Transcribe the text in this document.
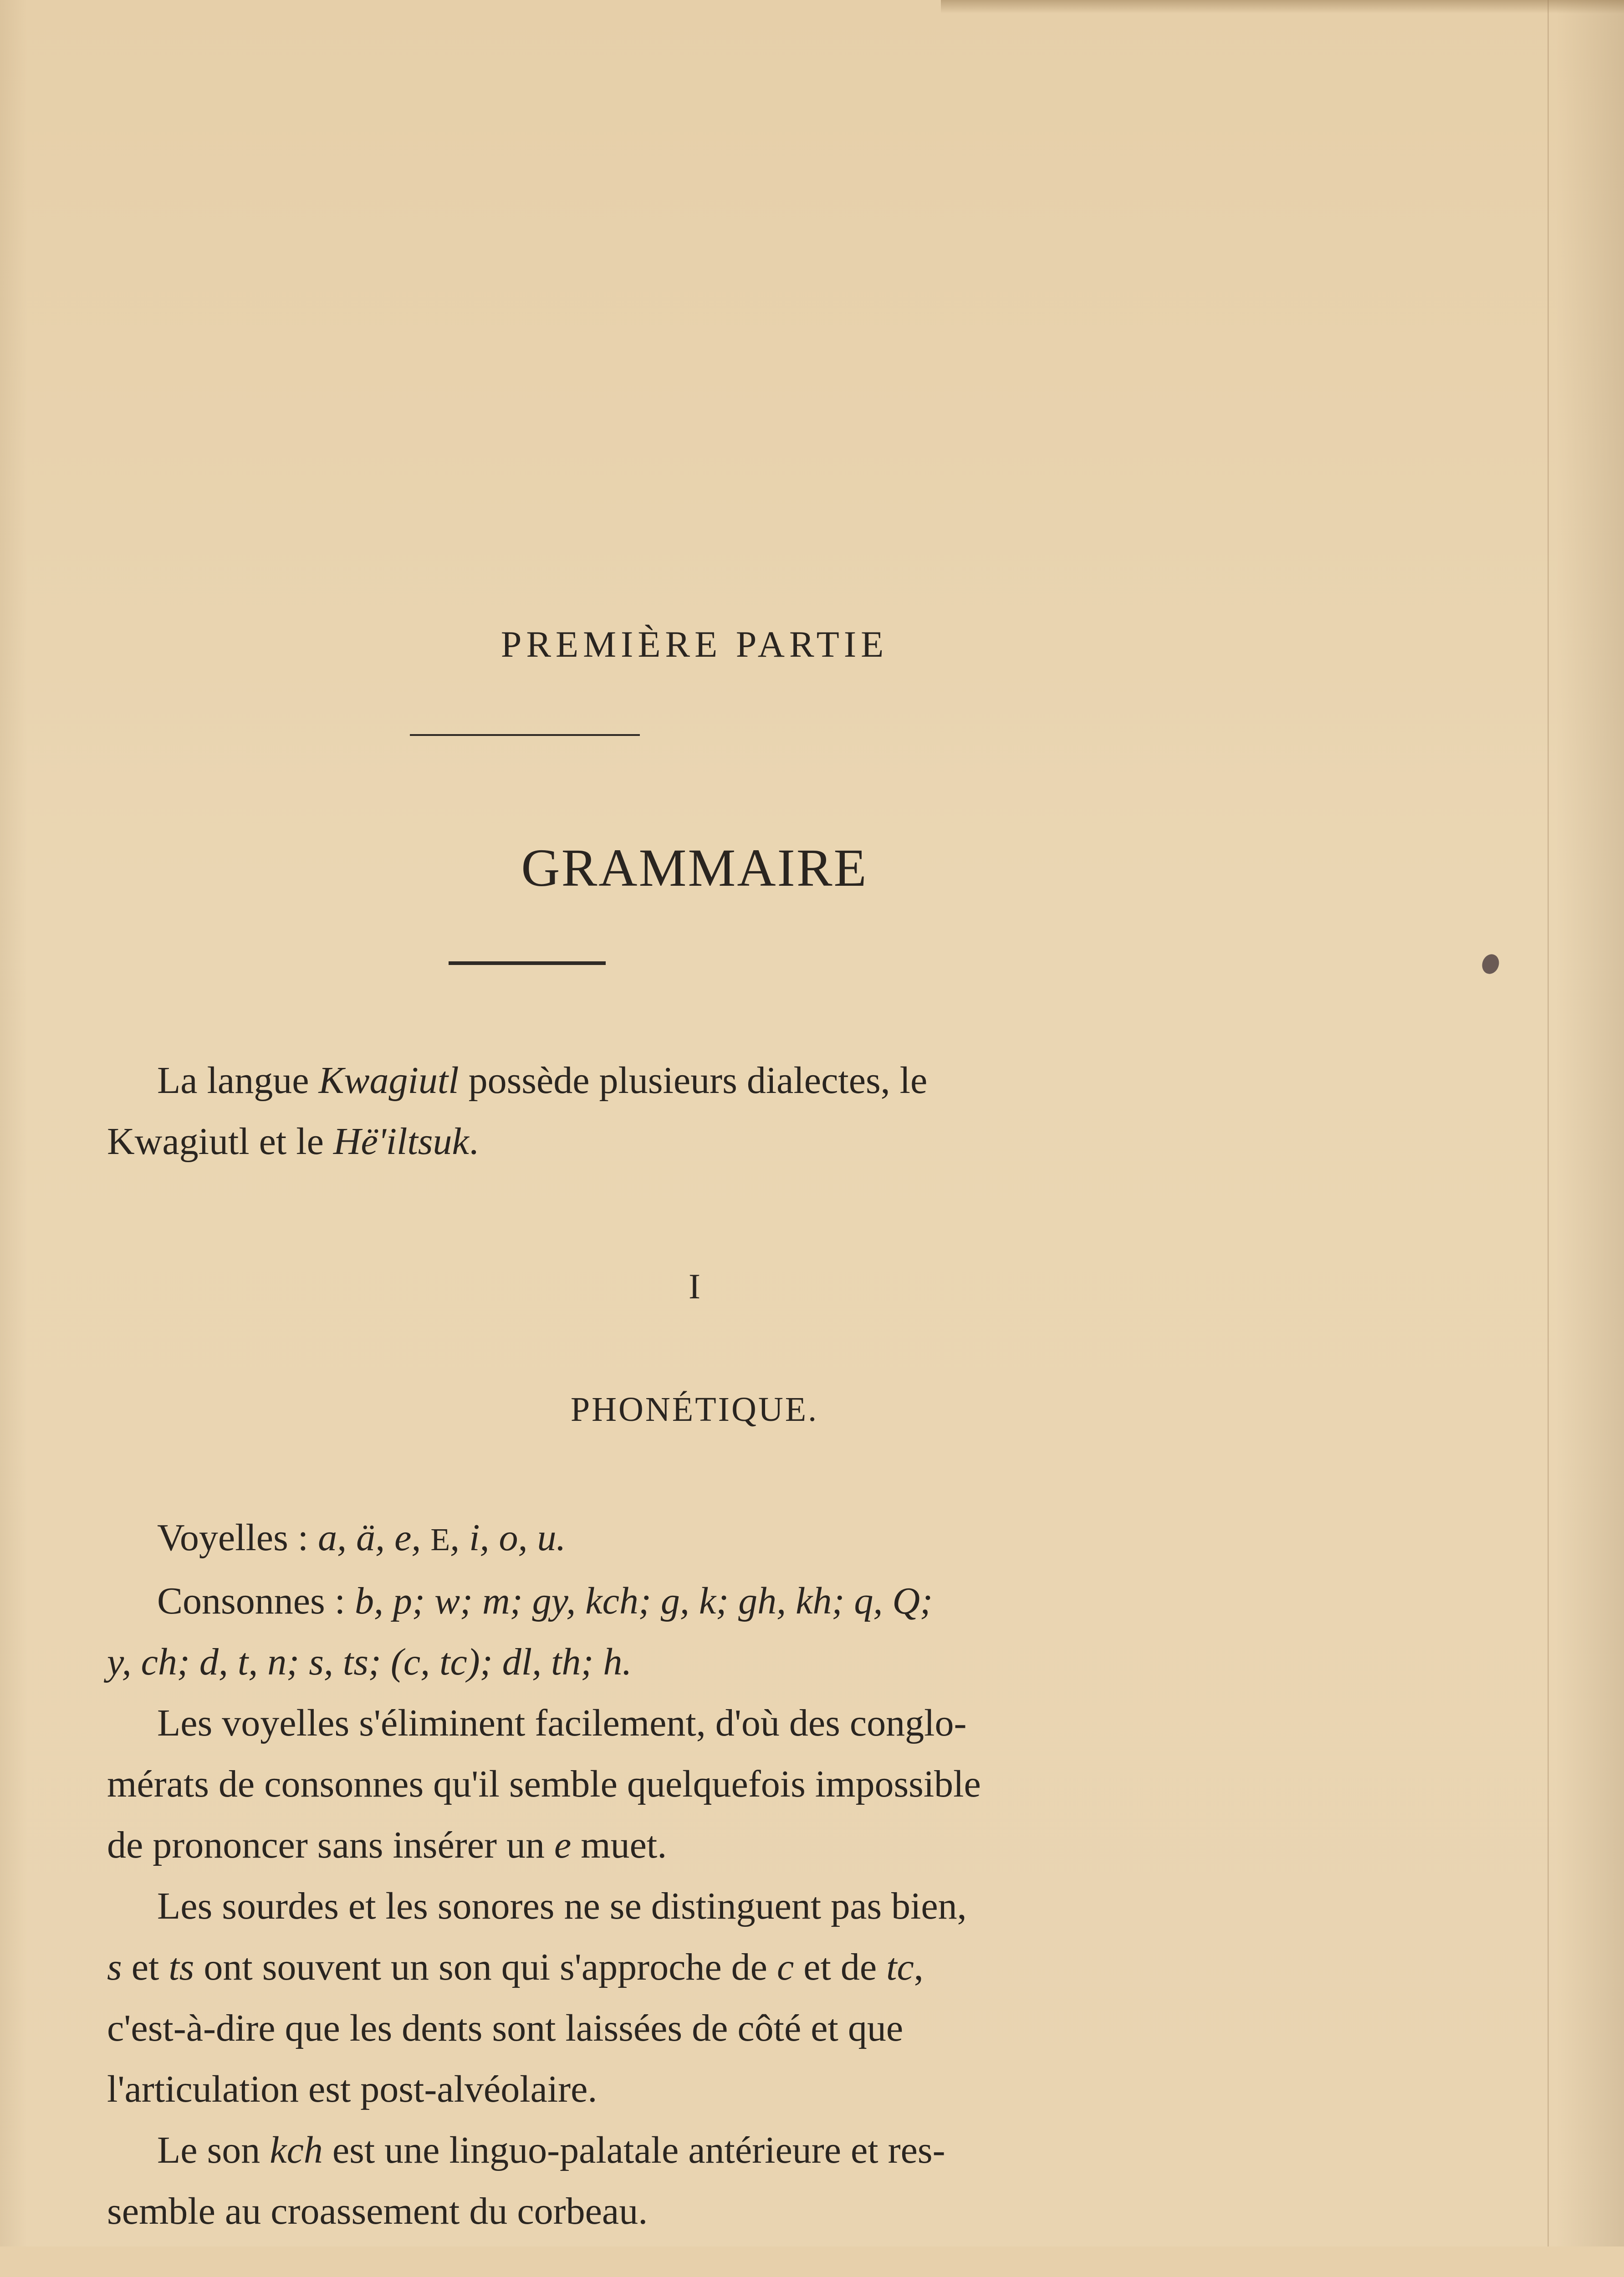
PREMIÈRE PARTIE
GRAMMAIRE
La langue Kwagiutl possède plusieurs dialectes, le
Kwagiutl et le Hë'iltsuk.
I
PHONÉTIQUE.
Voyelles : a, ä, e, E, i, o, u.
Consonnes : b, p; w; m; gy, kch; g, k; gh, kh; q, Q;
y, ch; d, t, n; s, ts; (c, tc); dl, th; h.
Les voyelles s'éliminent facilement, d'où des conglo-
mérats de consonnes qu'il semble quelquefois impossible
de prononcer sans insérer un e muet.
Les sourdes et les sonores ne se distinguent pas bien,
s et ts ont souvent un son qui s'approche de c et de tc,
c'est-à-dire que les dents sont laissées de côté et que
l'articulation est post-alvéolaire.
Le son kch est une linguo-palatale antérieure et res-
semble au croassement du corbeau.
